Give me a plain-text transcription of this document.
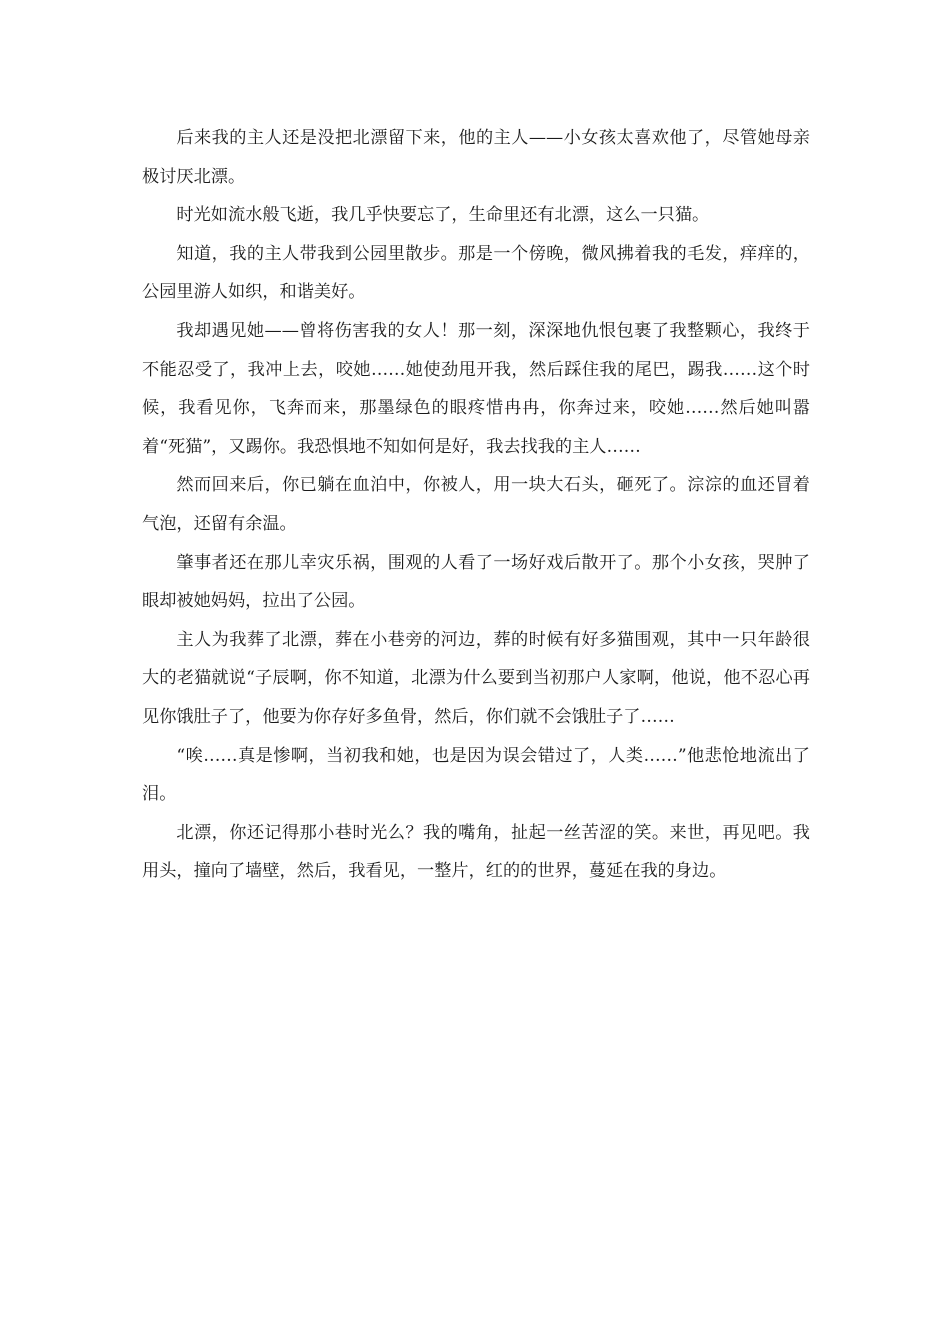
后来我的主人还是没把北漂留下来，他的主人——小女孩太喜欢他了，尽管她母亲极讨厌北漂。

时光如流水般飞逝，我几乎快要忘了，生命里还有北漂，这么一只猫。

知道，我的主人带我到公园里散步。那是一个傍晚，微风拂着我的毛发，痒痒的，公园里游人如织，和谐美好。

我却遇见她——曾将伤害我的女人！那一刻，深深地仇恨包裹了我整颗心，我终于不能忍受了，我冲上去，咬她……她使劲甩开我，然后踩住我的尾巴，踢我……这个时候，我看见你，飞奔而来，那墨绿色的眼疼惜冉冉，你奔过来，咬她……然后她叫嚣着“死猫”，又踢你。我恐惧地不知如何是好，我去找我的主人……

然而回来后，你已躺在血泊中，你被人，用一块大石头，砸死了。淙淙的血还冒着气泡，还留有余温。

肇事者还在那儿幸灾乐祸，围观的人看了一场好戏后散开了。那个小女孩，哭肿了眼却被她妈妈，拉出了公园。

主人为我葬了北漂，葬在小巷旁的河边，葬的时候有好多猫围观，其中一只年龄很大的老猫就说“子辰啊，你不知道，北漂为什么要到当初那户人家啊，他说，他不忍心再见你饿肚子了，他要为你存好多鱼骨，然后，你们就不会饿肚子了……

“唉……真是惨啊，当初我和她，也是因为误会错过了，人类……”他悲怆地流出了泪。

北漂，你还记得那小巷时光么？我的嘴角，扯起一丝苦涩的笑。来世，再见吧。我用头，撞向了墙壁，然后，我看见，一整片，红的的世界，蔓延在我的身边。
